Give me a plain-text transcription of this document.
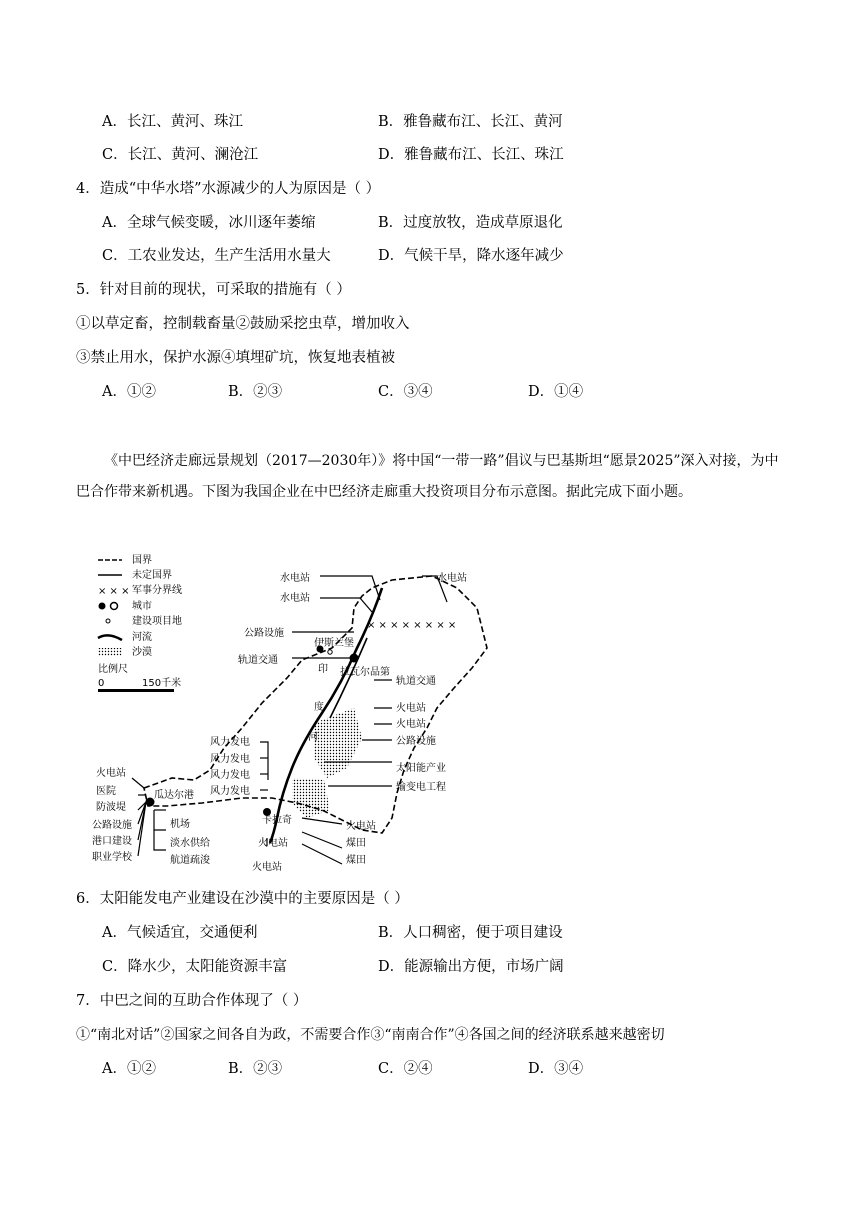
A．长江、黄河、珠江	B．雅鲁藏布江、长江、黄河
C．长江、黄河、澜沧江	D．雅鲁藏布江、长江、珠江
4．造成“中华水塔”水源减少的人为原因是（ ）
A．全球气候变暖，冰川逐年萎缩	B．过度放牧，造成草原退化
C．工农业发达，生产生活用水量大	D．气候干旱，降水逐年减少
5．针对目前的现状，可采取的措施有（ ）
①以草定畜，控制载畜量②鼓励采挖虫草，增加收入
③禁止用水，保护水源④填埋矿坑，恢复地表植被
A．①②	B．②③	C．③④	D．①④
《中巴经济走廊远景规划（2017—2030年）》将中国“一带一路”倡议与巴基斯坦“愿景2025”深入对接，为中巴合作带来新机遇。下图为我国企业在中巴经济走廊重大投资项目分布示意图。据此完成下面小题。
国界
未定国界
× × × 军事分界线
城市
建设项目地
河流
沙漠
比例尺
0	150千米
× × × × × × × ×
伊斯兰堡
拉瓦尔品第
瓜达尔港
卡拉奇
印
度
河
水电站
水电站
水电站
公路设施
轨道交通
轨道交通
火电站
火电站
公路设施
太阳能产业
输变电工程
火电站
煤田
煤田
风力发电
风力发电
风力发电
风力发电
火电站
医院
防波堤
公路设施
港口建设
职业学校
机场
淡水供给
航道疏浚
火电站
火电站
6．太阳能发电产业建设在沙漠中的主要原因是（ ）
A．气候适宜，交通便利	B．人口稠密，便于项目建设
C．降水少，太阳能资源丰富	D．能源输出方便，市场广阔
7．中巴之间的互助合作体现了（ ）
①“南北对话”②国家之间各自为政，不需要合作③“南南合作”④各国之间的经济联系越来越密切
A．①②	B．②③	C．②④	D．③④
